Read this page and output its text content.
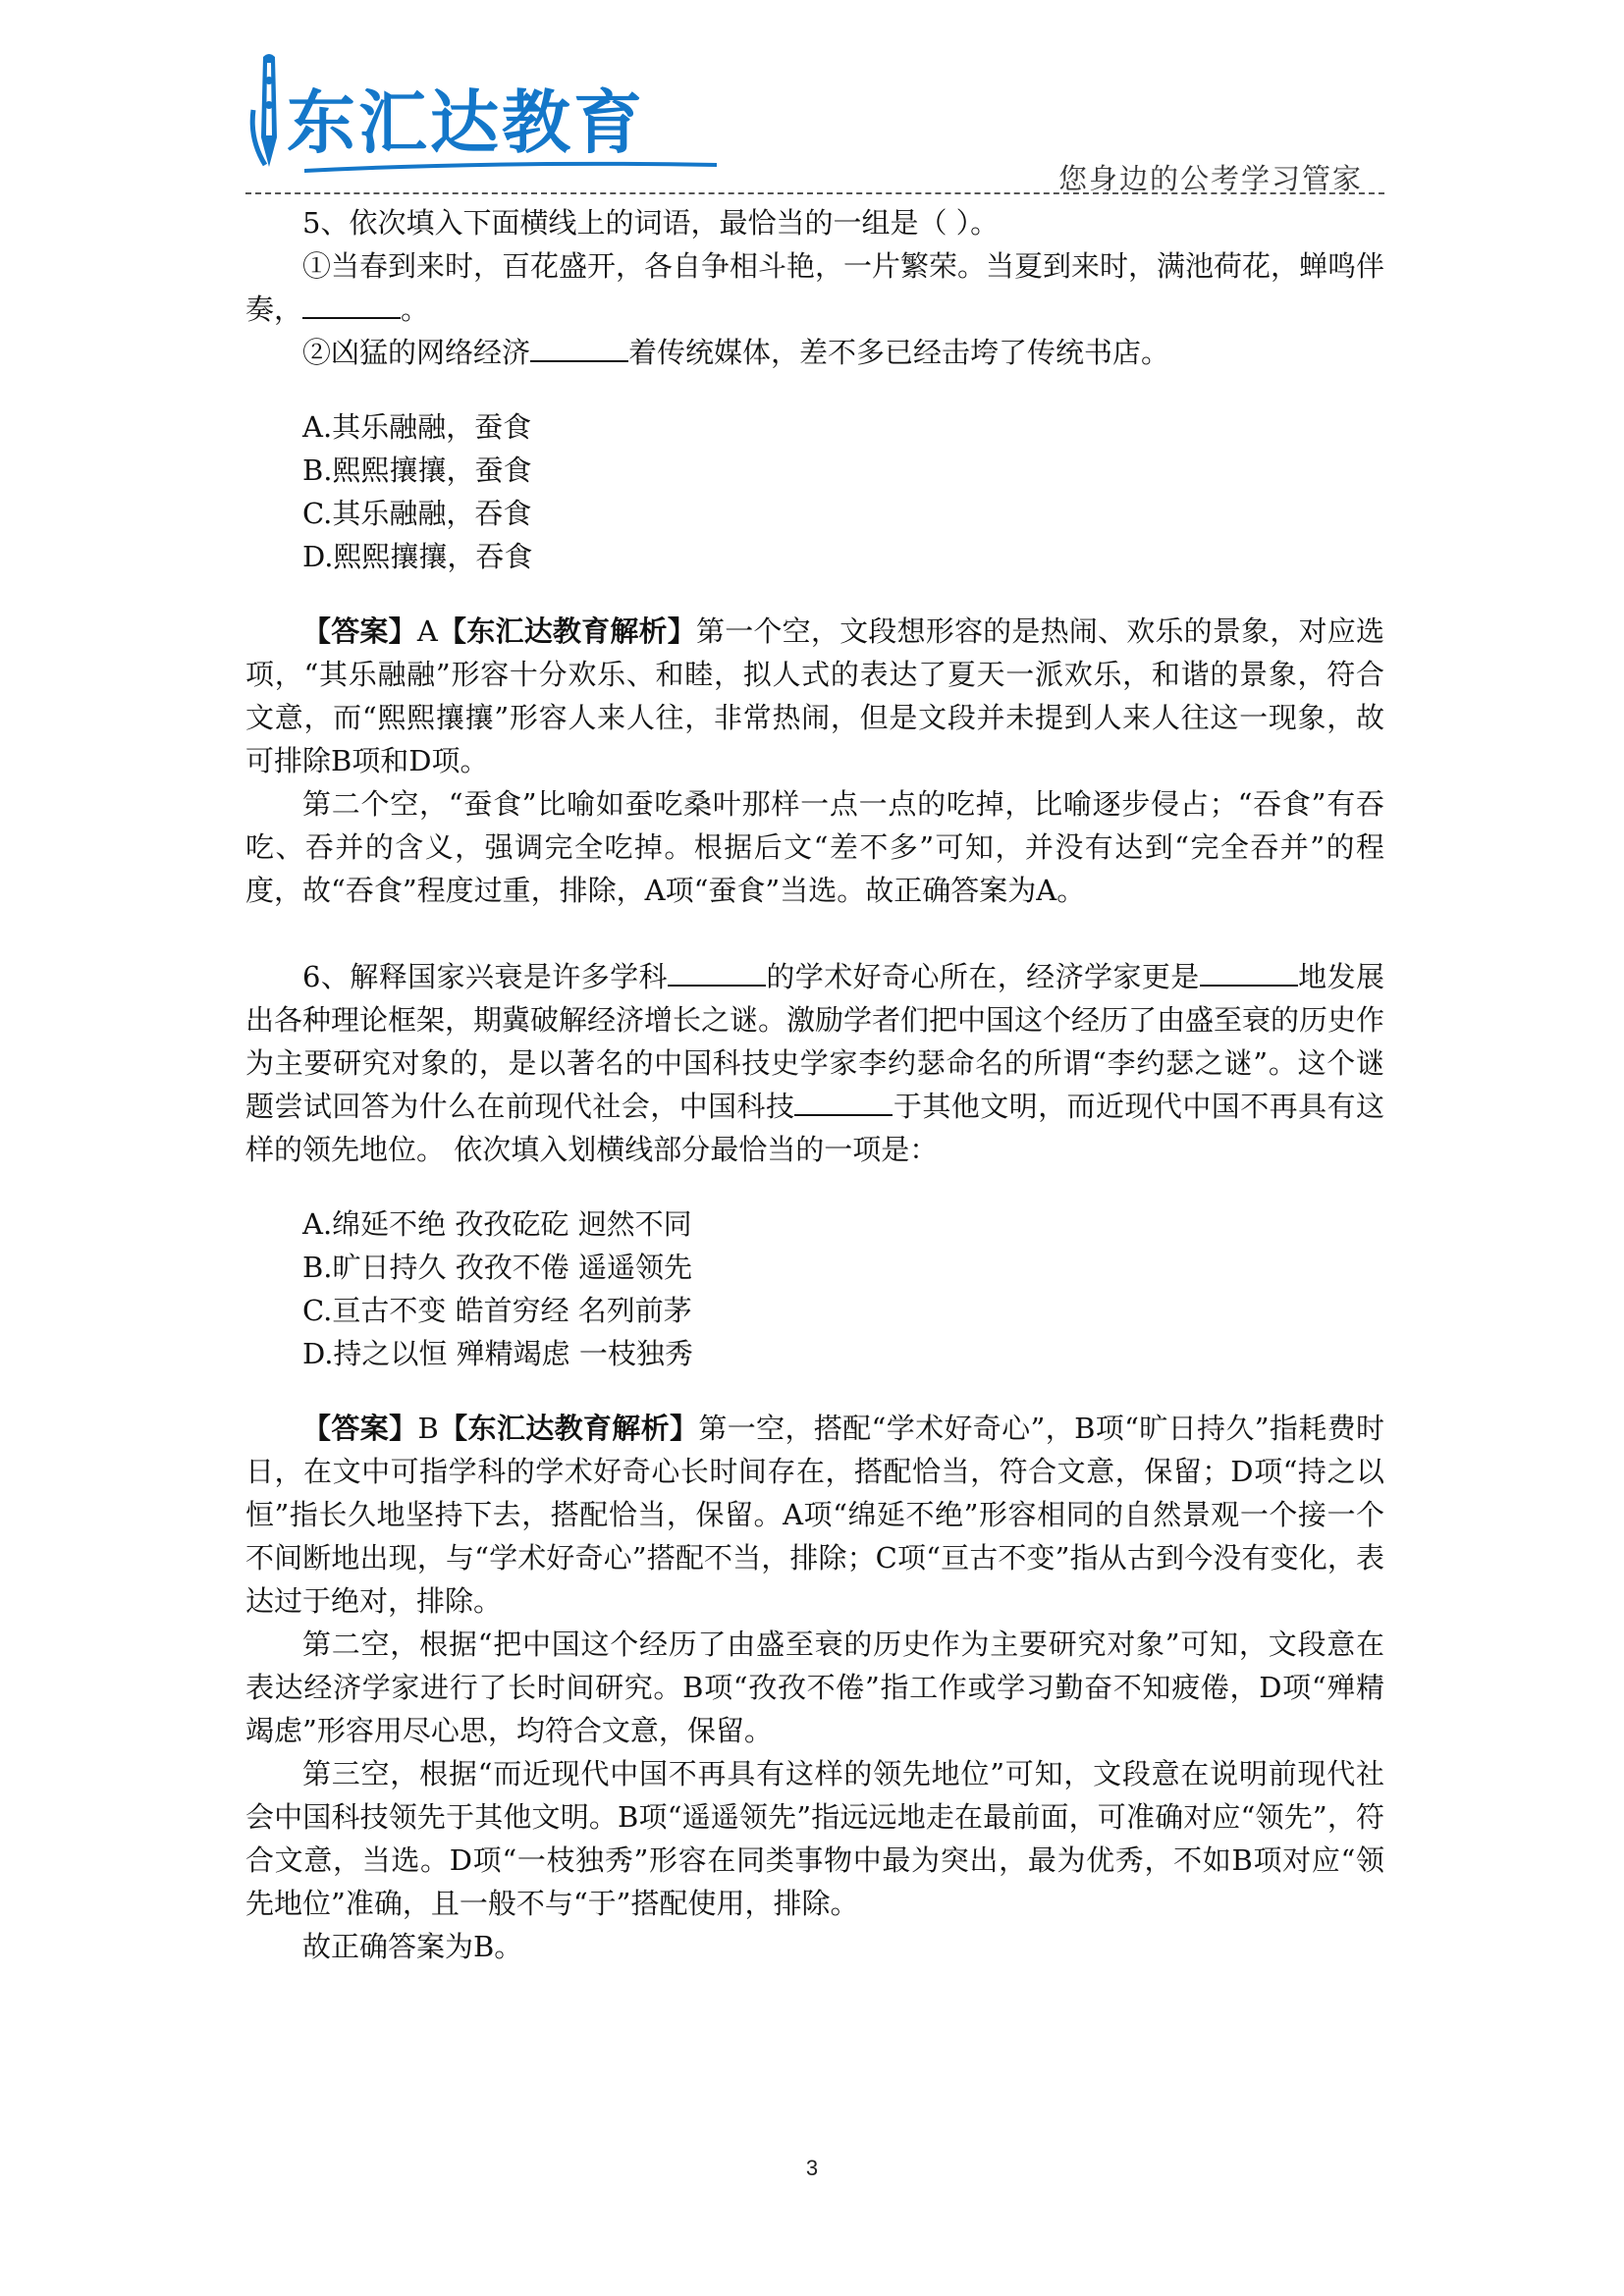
东汇达教育
您身边的公考学习管家

5、依次填入下面横线上的词语，最恰当的一组是（ ）。

①当春到来时，百花盛开，各自争相斗艳，一片繁荣。当夏到来时，满池荷花，蝉鸣伴奏，	。

②凶猛的网络经济	着传统媒体，差不多已经击垮了传统书店。

A.其乐融融，蚕食

B.熙熙攘攘，蚕食

C.其乐融融，吞食

D.熙熙攘攘，吞食

【答案】A【东汇达教育解析】第一个空，文段想形容的是热闹、欢乐的景象，对应选项，“其乐融融”形容十分欢乐、和睦，拟人式的表达了夏天一派欢乐，和谐的景象，符合文意，而“熙熙攘攘”形容人来人往，非常热闹，但是文段并未提到人来人往这一现象，故可排除B项和D项。

第二个空，“蚕食”比喻如蚕吃桑叶那样一点一点的吃掉，比喻逐步侵占；“吞食”有吞吃、吞并的含义，强调完全吃掉。根据后文“差不多”可知，并没有达到“完全吞并”的程度，故“吞食”程度过重，排除，A项“蚕食”当选。故正确答案为A。

6、解释国家兴衰是许多学科	的学术好奇心所在，经济学家更是	地发展出各种理论框架，期冀破解经济增长之谜。激励学者们把中国这个经历了由盛至衰的历史作为主要研究对象的，是以著名的中国科技史学家李约瑟命名的所谓“李约瑟之谜”。这个谜题尝试回答为什么在前现代社会，中国科技	于其他文明，而近现代中国不再具有这样的领先地位。 依次填入划横线部分最恰当的一项是：

A.绵延不绝 孜孜矻矻 迥然不同

B.旷日持久 孜孜不倦 遥遥领先

C.亘古不变 皓首穷经 名列前茅

D.持之以恒 殚精竭虑 一枝独秀

【答案】B【东汇达教育解析】第一空，搭配“学术好奇心”，B项“旷日持久”指耗费时日，在文中可指学科的学术好奇心长时间存在，搭配恰当，符合文意，保留；D项“持之以恒”指长久地坚持下去，搭配恰当，保留。A项“绵延不绝”形容相同的自然景观一个接一个不间断地出现，与“学术好奇心”搭配不当，排除；C项“亘古不变”指从古到今没有变化，表达过于绝对，排除。

第二空，根据“把中国这个经历了由盛至衰的历史作为主要研究对象”可知，文段意在表达经济学家进行了长时间研究。B项“孜孜不倦”指工作或学习勤奋不知疲倦，D项“殚精竭虑”形容用尽心思，均符合文意，保留。

第三空，根据“而近现代中国不再具有这样的领先地位”可知，文段意在说明前现代社会中国科技领先于其他文明。B项“遥遥领先”指远远地走在最前面，可准确对应“领先”，符合文意，当选。D项“一枝独秀”形容在同类事物中最为突出，最为优秀，不如B项对应“领先地位”准确，且一般不与“于”搭配使用，排除。

故正确答案为B。

3
